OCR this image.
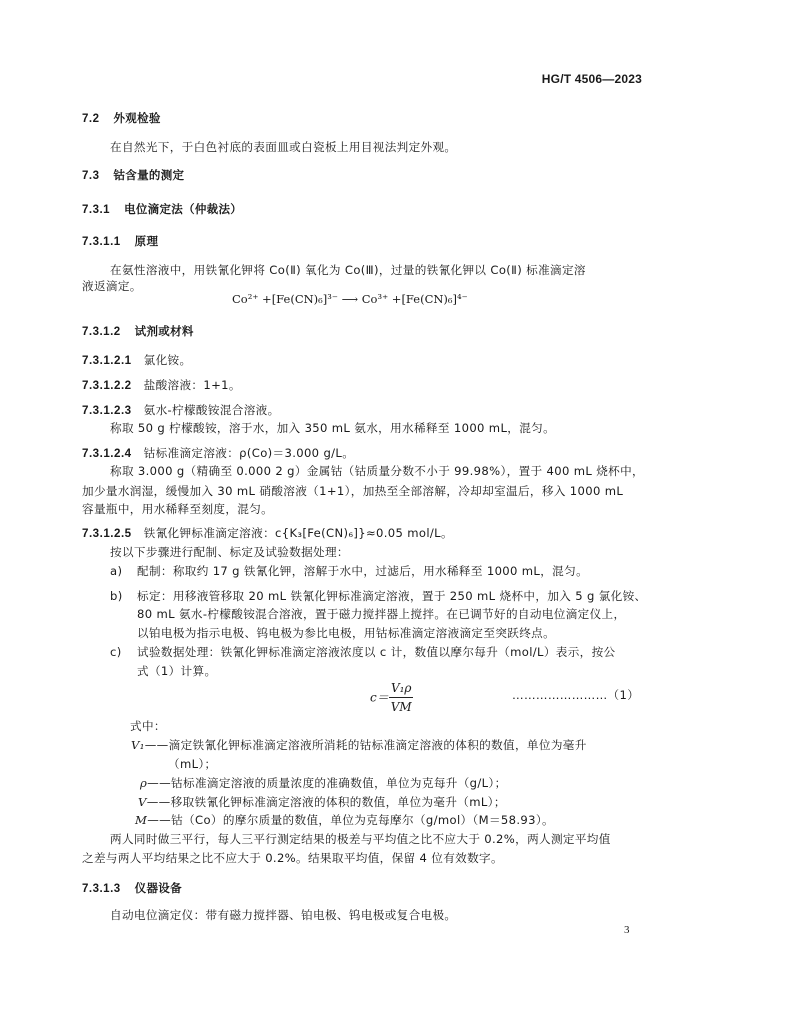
HG/T 4506—2023
7.2 外观检验
在自然光下，于白色衬底的表面皿或白瓷板上用目视法判定外观。
7.3 钴含量的测定
7.3.1 电位滴定法（仲裁法）
7.3.1.1 原理
在氨性溶液中，用铁氰化钾将 Co(Ⅱ) 氧化为 Co(Ⅲ)，过量的铁氰化钾以 Co(Ⅱ) 标准滴定溶
液返滴定。
Co²⁺ +[Fe(CN)₆]³⁻ ⟶ Co³⁺ +[Fe(CN)₆]⁴⁻
7.3.1.2 试剂或材料
7.3.1.2.1 氯化铵。
7.3.1.2.2 盐酸溶液：1+1。
7.3.1.2.3 氨水-柠檬酸铵混合溶液。
称取 50 g 柠檬酸铵，溶于水，加入 350 mL 氨水，用水稀释至 1000 mL，混匀。
7.3.1.2.4 钴标准滴定溶液：ρ(Co)＝3.000 g/L。
称取 3.000 g（精确至 0.000 2 g）金属钴（钴质量分数不小于 99.98%），置于 400 mL 烧杯中，
加少量水润湿，缓慢加入 30 mL 硝酸溶液（1+1），加热至全部溶解，冷却却室温后，移入 1000 mL
容量瓶中，用水稀释至刻度，混匀。
7.3.1.2.5 铁氰化钾标准滴定溶液：c{K₃[Fe(CN)₆]}≈0.05 mol/L。
按以下步骤进行配制、标定及试验数据处理：
a) 配制：称取约 17 g 铁氰化钾，溶解于水中，过滤后，用水稀释至 1000 mL，混匀。
b) 标定：用移液管移取 20 mL 铁氰化钾标准滴定溶液，置于 250 mL 烧杯中，加入 5 g 氯化铵、
80 mL 氨水-柠檬酸铵混合溶液，置于磁力搅拌器上搅拌。在已调节好的自动电位滴定仪上，
以铂电极为指示电极、钨电极为参比电极，用钴标准滴定溶液滴定至突跃终点。
c) 试验数据处理：铁氰化钾标准滴定溶液浓度以 c 计，数值以摩尔每升（mol/L）表示，按公
式（1）计算。
$c= \frac{\text{V₁ρ}}{VM}$	……………………（1）
式中：
V₁——滴定铁氰化钾标准滴定溶液所消耗的钴标准滴定溶液的体积的数值，单位为毫升
（mL）；
ρ——钴标准滴定溶液的质量浓度的准确数值，单位为克每升（g/L）；
V——移取铁氰化钾标准滴定溶液的体积的数值，单位为毫升（mL）；
M——钴（Co）的摩尔质量的数值，单位为克每摩尔（g/mol）（M＝58.93）。
两人同时做三平行，每人三平行测定结果的极差与平均值之比不应大于 0.2%，两人测定平均值
之差与两人平均结果之比不应大于 0.2%。结果取平均值，保留 4 位有效数字。
7.3.1.3 仪器设备
自动电位滴定仪：带有磁力搅拌器、铂电极、钨电极或复合电极。
3
